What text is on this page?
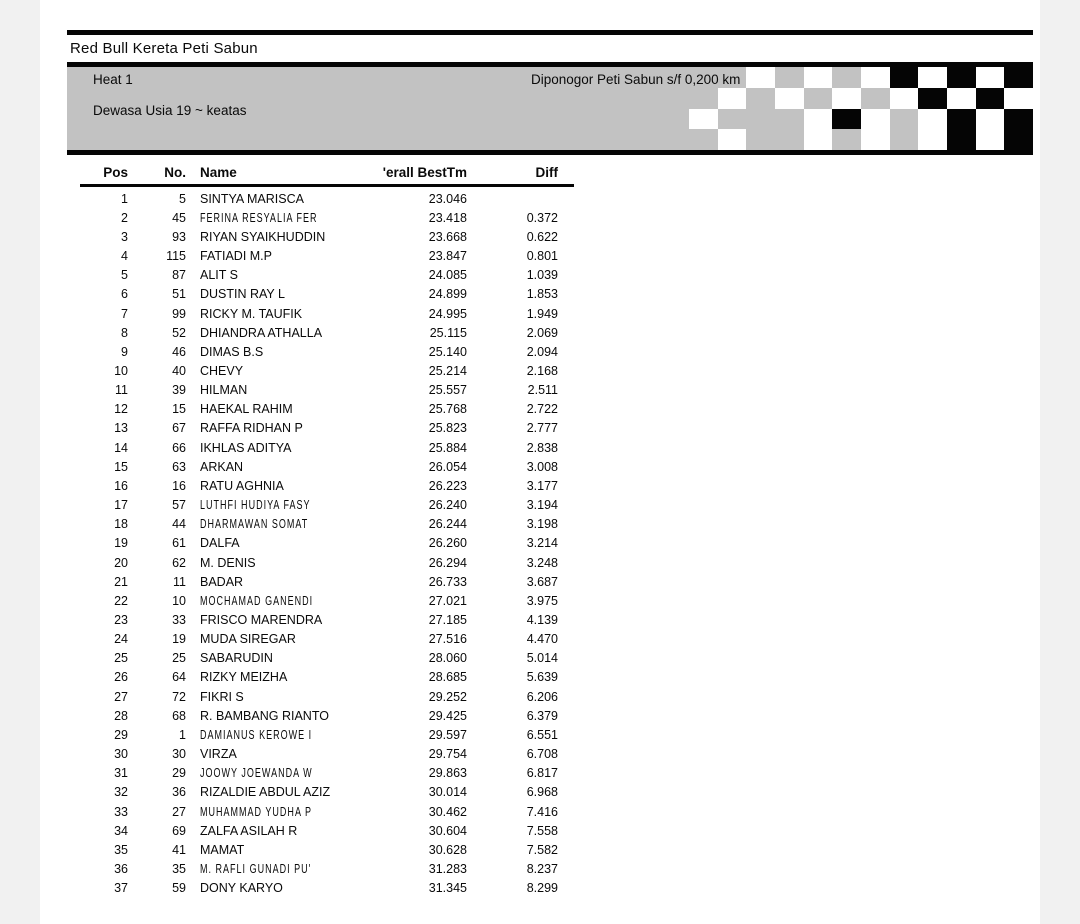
Red Bull Kereta Peti Sabun
Heat 1	Diponogor Peti Sabun s/f 0,200 km
Dewasa Usia 19 ~ keatas
Pos	No.	Name	'erall BestTm	Diff
1	5	SINTYA MARISCA	23.046
2	45	FERINA RESYALIA FER	23.418	0.372
3	93	RIYAN SYAIKHUDDIN	23.668	0.622
4	115	FATIADI M.P	23.847	0.801
5	87	ALIT S	24.085	1.039
6	51	DUSTIN RAY L	24.899	1.853
7	99	RICKY M. TAUFIK	24.995	1.949
8	52	DHIANDRA ATHALLA	25.115	2.069
9	46	DIMAS B.S	25.140	2.094
10	40	CHEVY	25.214	2.168
11	39	HILMAN	25.557	2.511
12	15	HAEKAL RAHIM	25.768	2.722
13	67	RAFFA RIDHAN P	25.823	2.777
14	66	IKHLAS ADITYA	25.884	2.838
15	63	ARKAN	26.054	3.008
16	16	RATU AGHNIA	26.223	3.177
17	57	LUTHFI HUDIYA FASY	26.240	3.194
18	44	DHARMAWAN SOMAT	26.244	3.198
19	61	DALFA	26.260	3.214
20	62	M. DENIS	26.294	3.248
21	11	BADAR	26.733	3.687
22	10	MOCHAMAD GANENDI	27.021	3.975
23	33	FRISCO MARENDRA	27.185	4.139
24	19	MUDA SIREGAR	27.516	4.470
25	25	SABARUDIN	28.060	5.014
26	64	RIZKY MEIZHA	28.685	5.639
27	72	FIKRI S	29.252	6.206
28	68	R. BAMBANG RIANTO	29.425	6.379
29	1	DAMIANUS KEROWE I	29.597	6.551
30	30	VIRZA	29.754	6.708
31	29	JOOWY JOEWANDA W	29.863	6.817
32	36	RIZALDIE ABDUL AZIZ	30.014	6.968
33	27	MUHAMMAD YUDHA P	30.462	7.416
34	69	ZALFA ASILAH R	30.604	7.558
35	41	MAMAT	30.628	7.582
36	35	M. RAFLI GUNADI PU'	31.283	8.237
37	59	DONY KARYO	31.345	8.299
